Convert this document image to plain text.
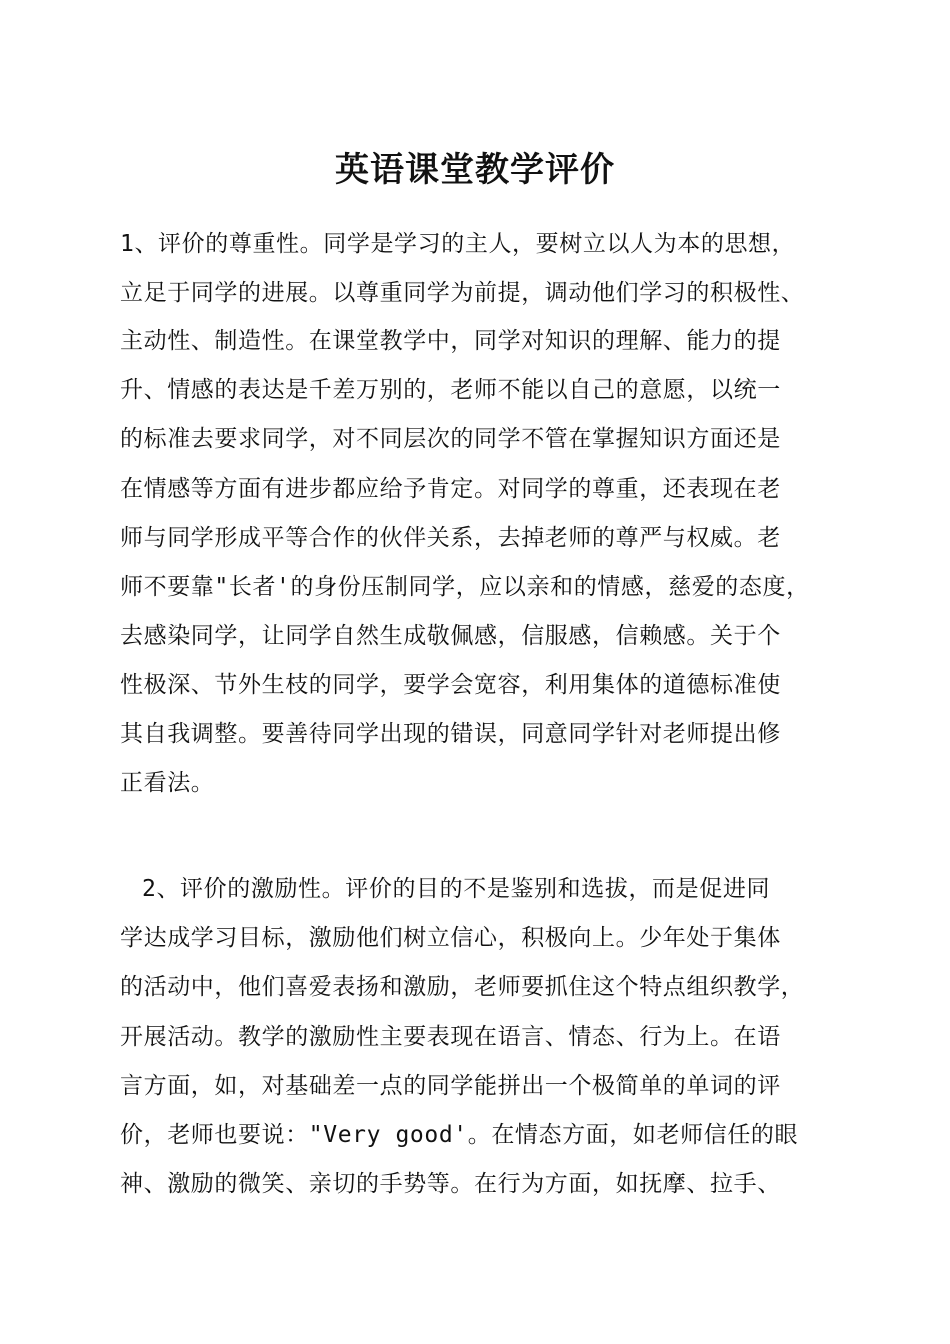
英语课堂教学评价
1、评价的尊重性。同学是学习的主人，要树立以人为本的思想，
立足于同学的进展。以尊重同学为前提，调动他们学习的积极性、
主动性、制造性。在课堂教学中，同学对知识的理解、能力的提
升、情感的表达是千差万别的，老师不能以自己的意愿，以统一
的标准去要求同学，对不同层次的同学不管在掌握知识方面还是
在情感等方面有进步都应给予肯定。对同学的尊重，还表现在老
师与同学形成平等合作的伙伴关系，去掉老师的尊严与权威。老
师不要靠"长者'的身份压制同学，应以亲和的情感，慈爱的态度，
去感染同学，让同学自然生成敬佩感，信服感，信赖感。关于个
性极深、节外生枝的同学，要学会宽容，利用集体的道德标准使
其自我调整。要善待同学出现的错误，同意同学针对老师提出修
正看法。
2、评价的激励性。评价的目的不是鉴别和选拔，而是促进同
学达成学习目标，激励他们树立信心，积极向上。少年处于集体
的活动中，他们喜爱表扬和激励，老师要抓住这个特点组织教学，
开展活动。教学的激励性主要表现在语言、情态、行为上。在语
言方面，如，对基础差一点的同学能拼出一个极简单的单词的评
价，老师也要说："Very good'。在情态方面，如老师信任的眼
神、激励的微笑、亲切的手势等。在行为方面，如抚摩、拉手、
